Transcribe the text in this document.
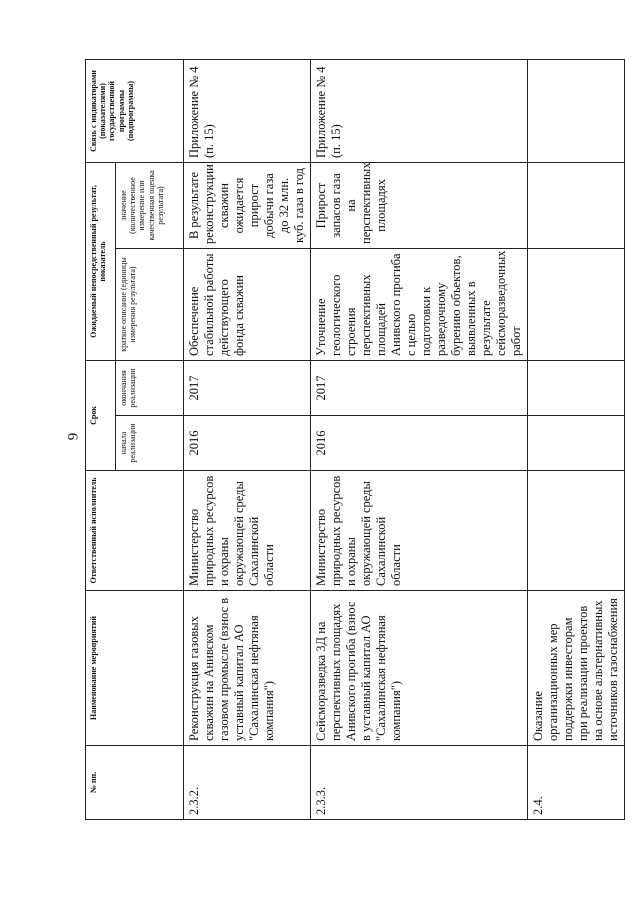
9
№ пп.	Наименование мероприятий	Ответственный исполнитель	Срок		Ожидаемый непосредственный результат, показатель		Связь с индикаторами (показателями) государственной программы (подпрограммы)
			начала реализации	окончания реализации	краткое описание (единицы измерения результата)	значение (количественное измерение или качественная оценка результата)	
2.3.2.	Реконструкция газовых скважин на Анивском газовом промысле (взнос в уставный капитал АО "Сахалинская нефтяная компания")	Министерство природных ресурсов и охраны окружающей среды Сахалинской области	2016	2017	Обеспечение стабильной работы действующего фонда скважин	В результате реконструкции скважин ожидается прирост добычи газа до 32 млн. куб. газа в год	Приложение № 4 (п. 15)
2.3.3.	Сейсморазведка 3Д на перспективных площадях Анивского прогиба (взнос в уставный капитал АО "Сахалинская нефтяная компания")	Министерство природных ресурсов и охраны окружающей среды Сахалинской области	2016	2017	Уточнение геологического строения перспективных площадей Анивского прогиба с целью подготовки к разведочному бурению объектов, выявленных в результате сейсморазведочных работ	Прирост запасов газа на перспективных площадях	Приложение № 4 (п. 15)
2.4.	Оказание организационных мер поддержки инвесторам при реализации проектов на основе альтернативных источников газоснабжения						
